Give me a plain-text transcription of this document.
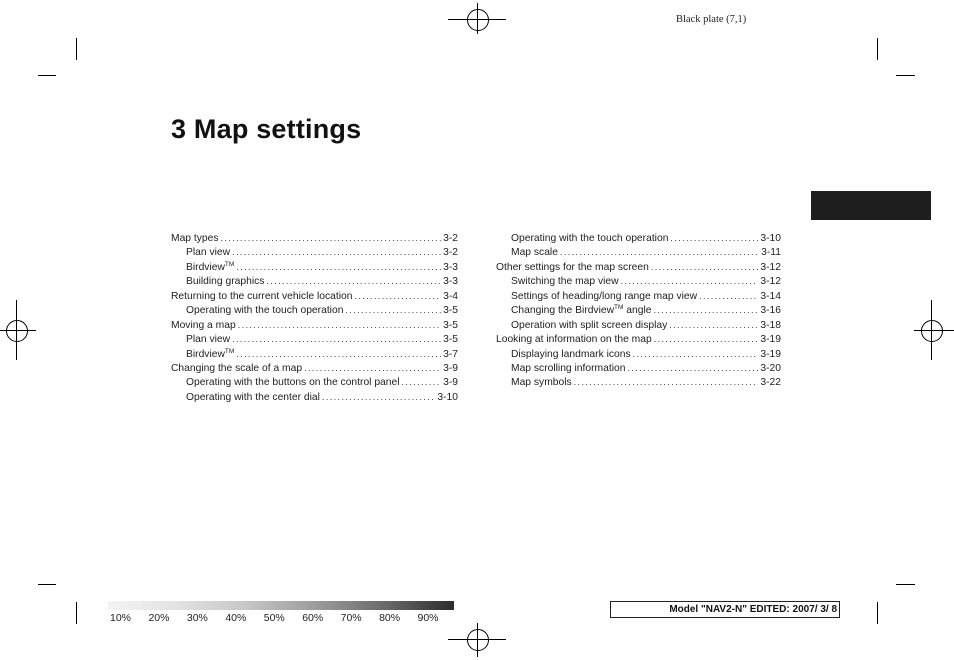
Black plate (7,1)
3 Map settings
Map types .....	3-2
Plan view .....	3-2
Birdview™ .....	3-3
Building graphics .....	3-3
Returning to the current vehicle location .....	3-4
Operating with the touch operation .....	3-5
Moving a map .....	3-5
Plan view .....	3-5
Birdview™ .....	3-7
Changing the scale of a map .....	3-9
Operating with the buttons on the control panel .....	3-9
Operating with the center dial .....	3-10
Operating with the touch operation .....	3-10
Map scale .....	3-11
Other settings for the map screen .....	3-12
Switching the map view .....	3-12
Settings of heading/long range map view .....	3-14
Changing the Birdview™ angle .....	3-16
Operation with split screen display .....	3-18
Looking at information on the map .....	3-19
Displaying landmark icons .....	3-19
Map scrolling information .....	3-20
Map symbols .....	3-22
10%	20%	30%	40%	50%	60%	70%	80%	90%
Model "NAV2-N" EDITED: 2007/ 3/ 8
